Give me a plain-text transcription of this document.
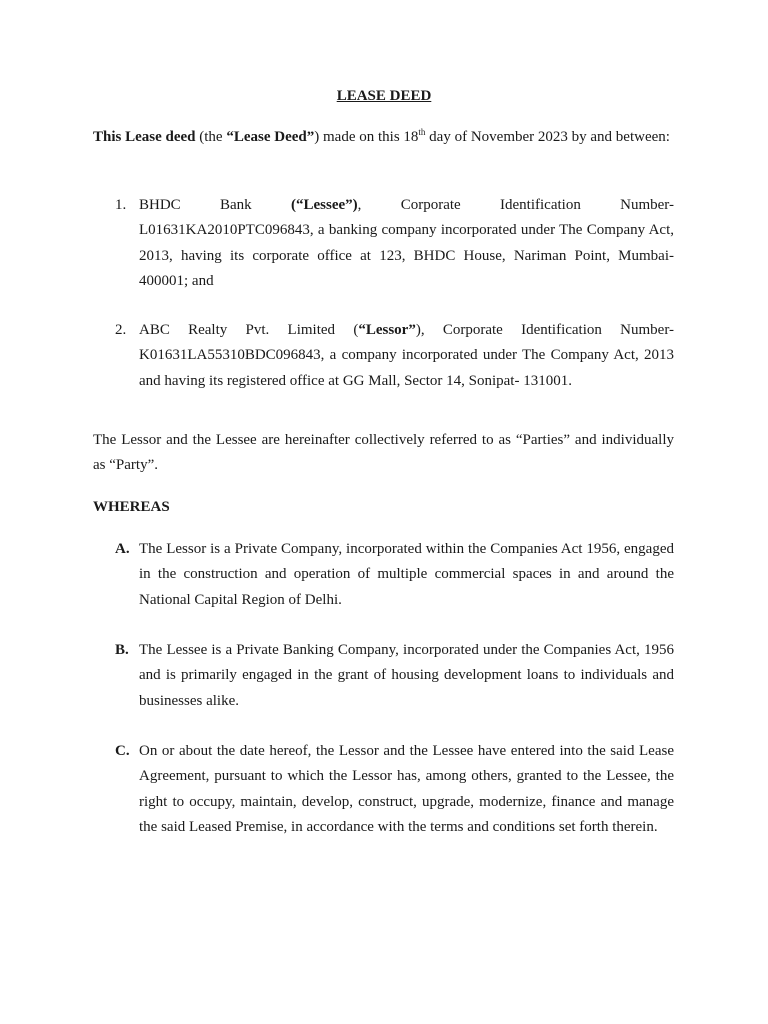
LEASE DEED
This Lease deed (the “Lease Deed”) made on this 18th day of November 2023 by and between:
1. BHDC Bank (“Lessee”), Corporate Identification Number- L01631KA2010PTC096843, a banking company incorporated under The Company Act, 2013, having its corporate office at 123, BHDC House, Nariman Point, Mumbai- 400001; and
2. ABC Realty Pvt. Limited (“Lessor”), Corporate Identification Number- K01631LA55310BDC096843, a company incorporated under The Company Act, 2013 and having its registered office at GG Mall, Sector 14, Sonipat- 131001.
The Lessor and the Lessee are hereinafter collectively referred to as “Parties” and individually as “Party”.
WHEREAS
A. The Lessor is a Private Company, incorporated within the Companies Act 1956, engaged in the construction and operation of multiple commercial spaces in and around the National Capital Region of Delhi.
B. The Lessee is a Private Banking Company, incorporated under the Companies Act, 1956 and is primarily engaged in the grant of housing development loans to individuals and businesses alike.
C. On or about the date hereof, the Lessor and the Lessee have entered into the said Lease Agreement, pursuant to which the Lessor has, among others, granted to the Lessee, the right to occupy, maintain, develop, construct, upgrade, modernize, finance and manage the said Leased Premise, in accordance with the terms and conditions set forth therein.
